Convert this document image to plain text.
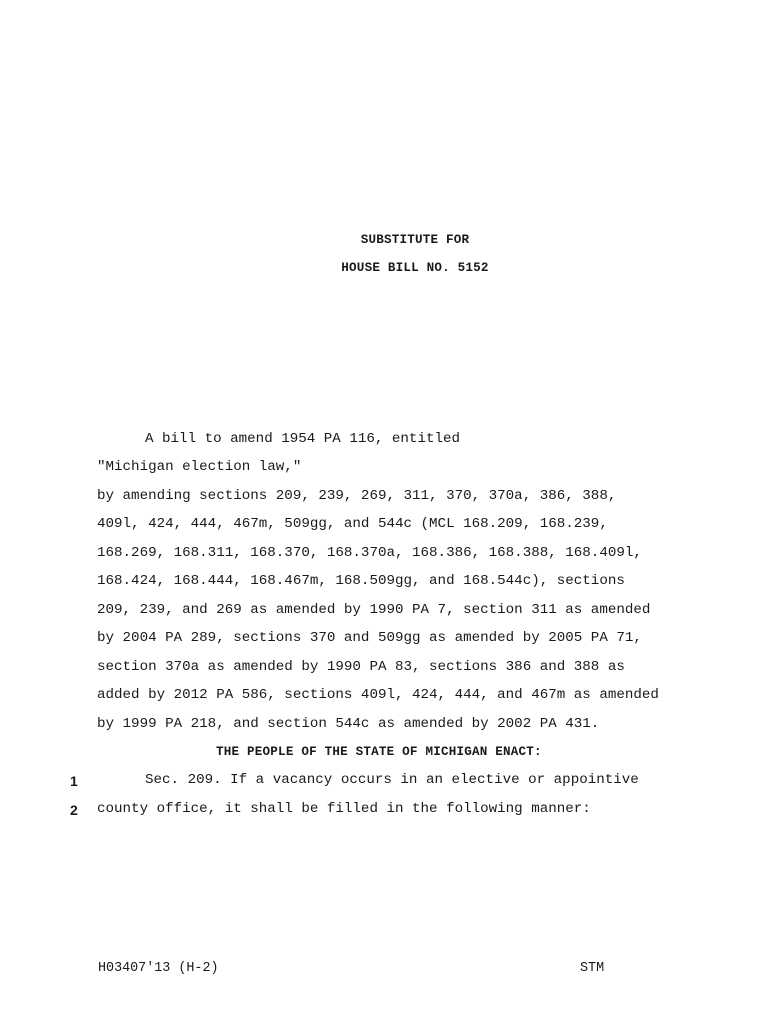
SUBSTITUTE FOR
HOUSE BILL NO. 5152
A bill to amend 1954 PA 116, entitled
"Michigan election law,"
by amending sections 209, 239, 269, 311, 370, 370a, 386, 388,
409l, 424, 444, 467m, 509gg, and 544c (MCL 168.209, 168.239,
168.269, 168.311, 168.370, 168.370a, 168.386, 168.388, 168.409l,
168.424, 168.444, 168.467m, 168.509gg, and 168.544c), sections
209, 239, and 269 as amended by 1990 PA 7, section 311 as amended
by 2004 PA 289, sections 370 and 509gg as amended by 2005 PA 71,
section 370a as amended by 1990 PA 83, sections 386 and 388 as
added by 2012 PA 586, sections 409l, 424, 444, and 467m as amended
by 1999 PA 218, and section 544c as amended by 2002 PA 431.
THE PEOPLE OF THE STATE OF MICHIGAN ENACT:
1	Sec. 209. If a vacancy occurs in an elective or appointive
2 county office, it shall be filled in the following manner:
H03407'13 (H-2)	STM
